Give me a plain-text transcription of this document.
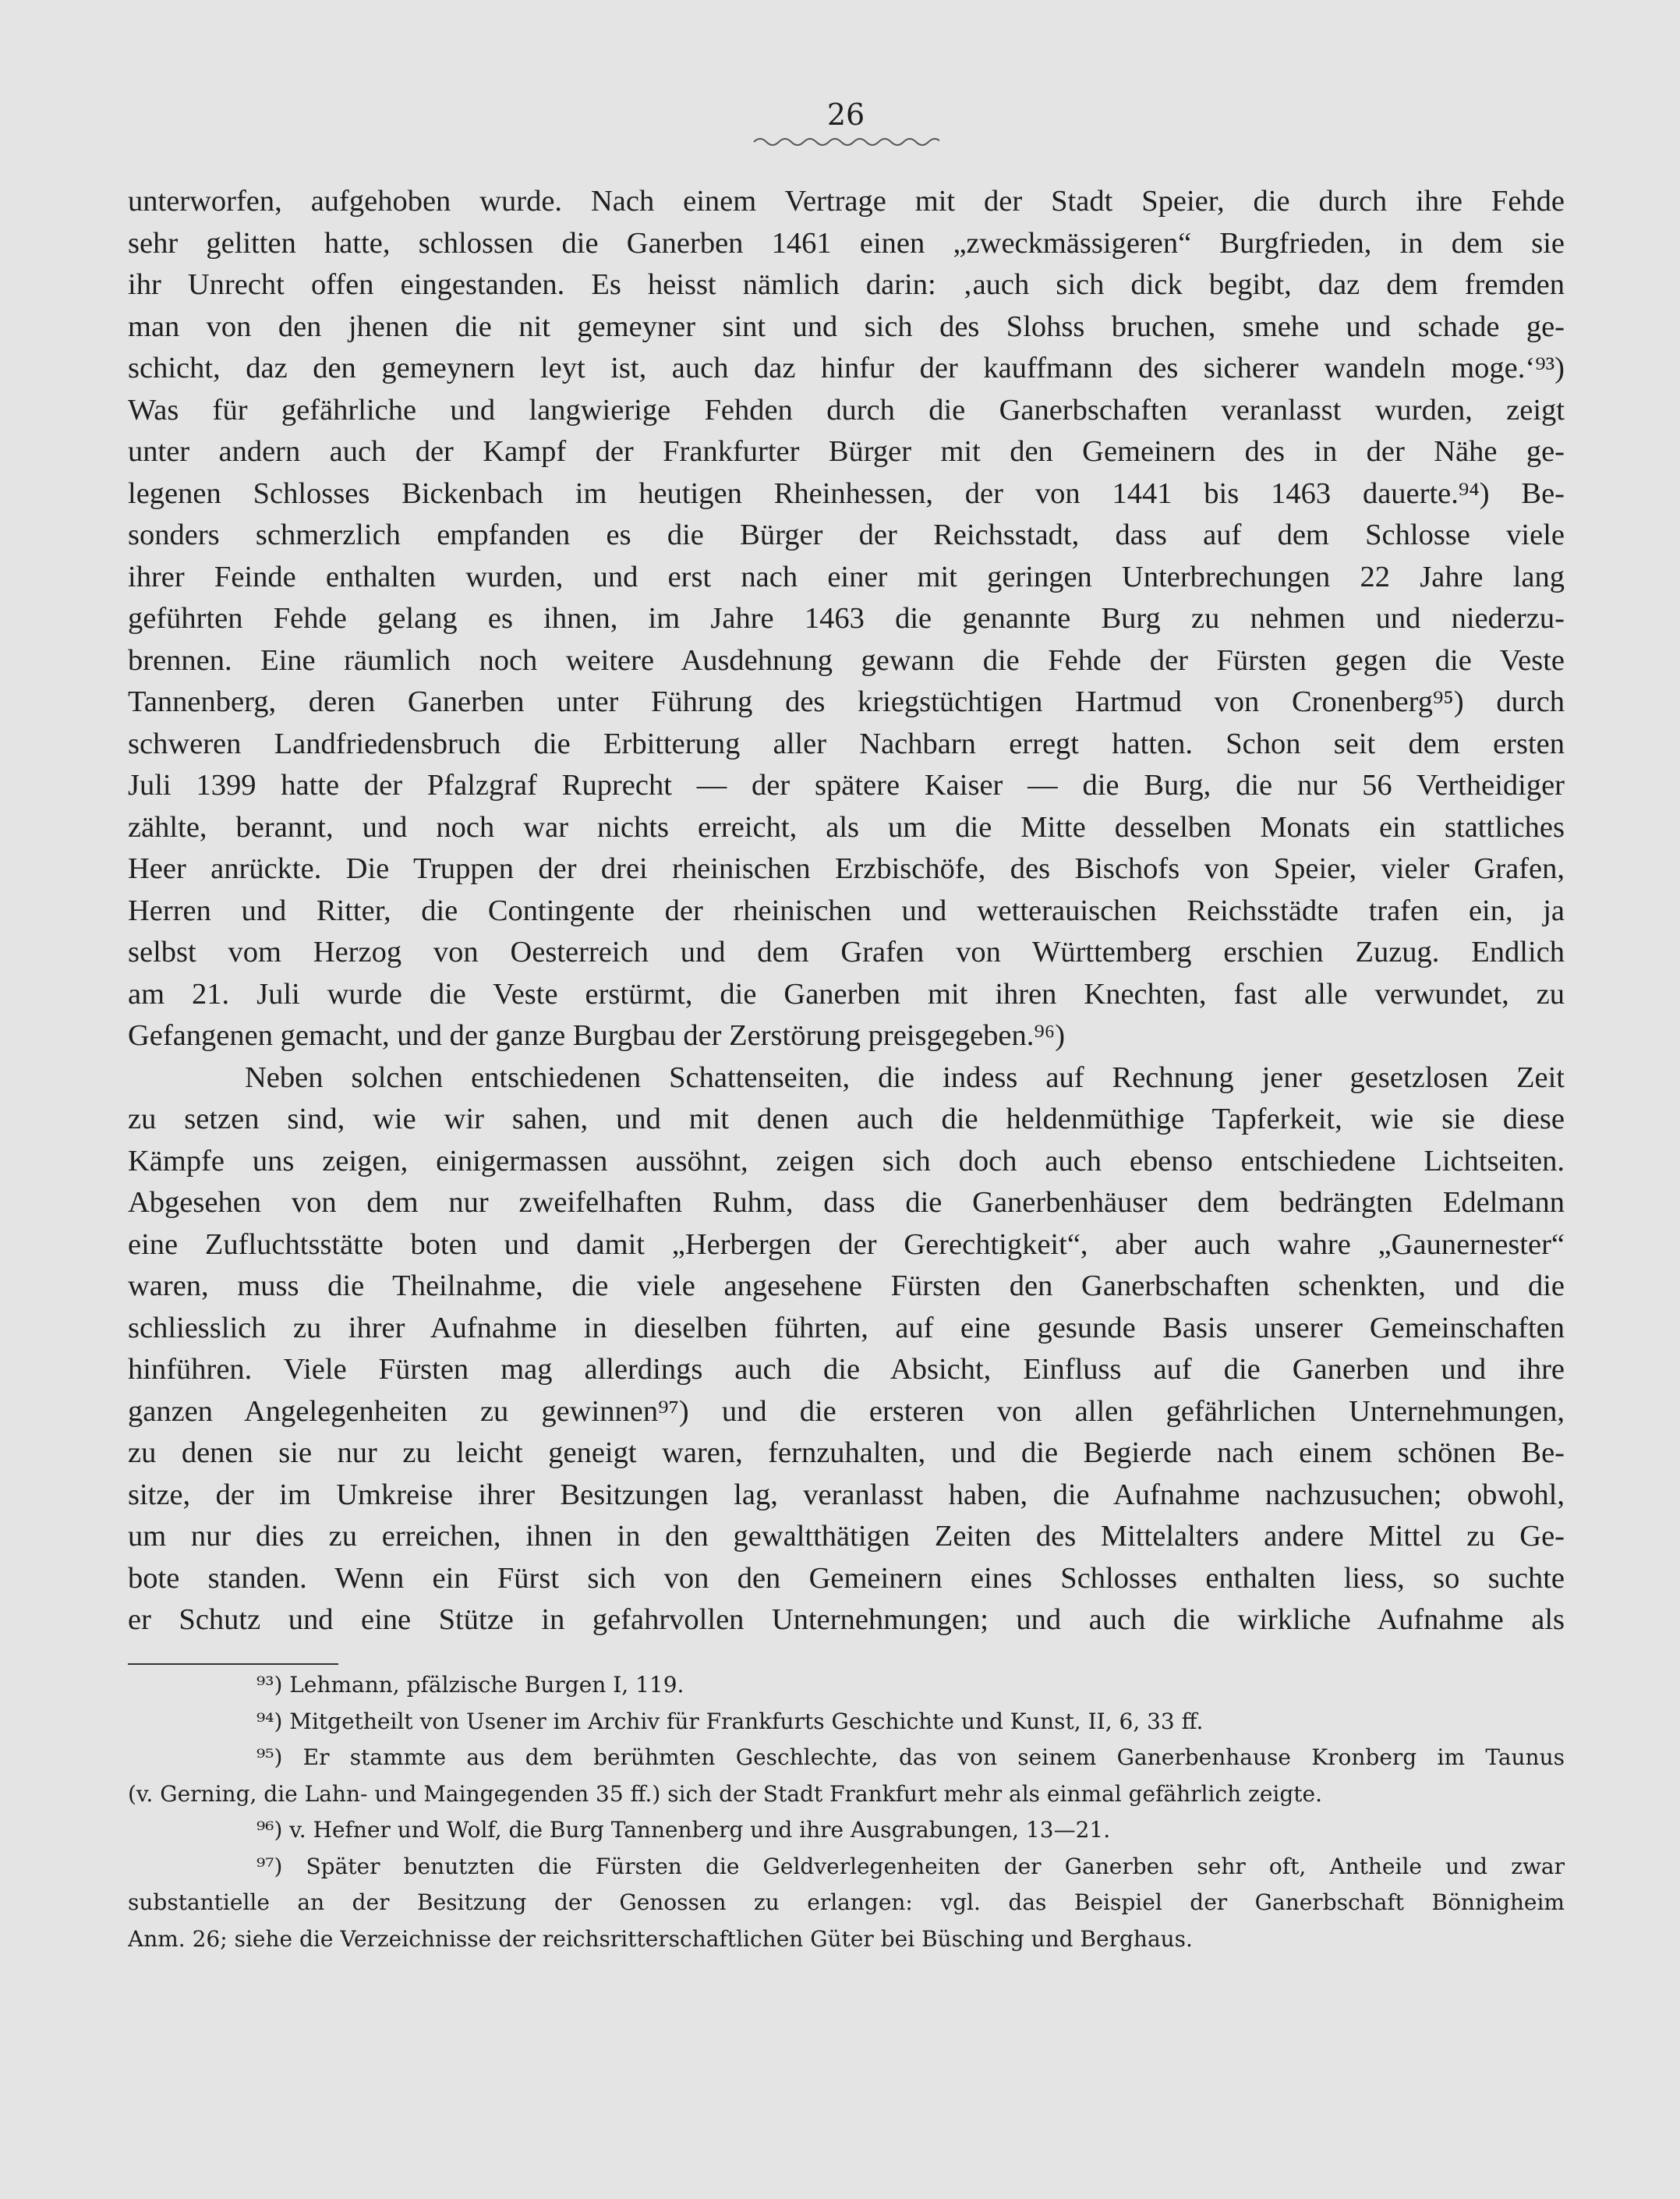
26
unterworfen, aufgehoben wurde. Nach einem Vertrage mit der Stadt Speier, die durch ihre Fehde
sehr gelitten hatte, schlossen die Ganerben 1461 einen „zweckmässigeren“ Burgfrieden, in dem sie
ihr Unrecht offen eingestanden. Es heisst nämlich darin: ‚auch sich dick begibt, daz dem fremden
man von den jhenen die nit gemeyner sint und sich des Slohss bruchen, smehe und schade ge-
schicht, daz den gemeynern leyt ist, auch daz hinfur der kauffmann des sicherer wandeln moge.‘⁹³)
Was für gefährliche und langwierige Fehden durch die Ganerbschaften veranlasst wurden, zeigt
unter andern auch der Kampf der Frankfurter Bürger mit den Gemeinern des in der Nähe ge-
legenen Schlosses Bickenbach im heutigen Rheinhessen, der von 1441 bis 1463 dauerte.⁹⁴) Be-
sonders schmerzlich empfanden es die Bürger der Reichsstadt, dass auf dem Schlosse viele
ihrer Feinde enthalten wurden, und erst nach einer mit geringen Unterbrechungen 22 Jahre lang
geführten Fehde gelang es ihnen, im Jahre 1463 die genannte Burg zu nehmen und niederzu-
brennen. Eine räumlich noch weitere Ausdehnung gewann die Fehde der Fürsten gegen die Veste
Tannenberg, deren Ganerben unter Führung des kriegstüchtigen Hartmud von Cronenberg⁹⁵) durch
schweren Landfriedensbruch die Erbitterung aller Nachbarn erregt hatten. Schon seit dem ersten
Juli 1399 hatte der Pfalzgraf Ruprecht — der spätere Kaiser — die Burg, die nur 56 Vertheidiger
zählte, berannt, und noch war nichts erreicht, als um die Mitte desselben Monats ein stattliches
Heer anrückte. Die Truppen der drei rheinischen Erzbischöfe, des Bischofs von Speier, vieler Grafen,
Herren und Ritter, die Contingente der rheinischen und wetterauischen Reichsstädte trafen ein, ja
selbst vom Herzog von Oesterreich und dem Grafen von Württemberg erschien Zuzug. Endlich
am 21. Juli wurde die Veste erstürmt, die Ganerben mit ihren Knechten, fast alle verwundet, zu
Gefangenen gemacht, und der ganze Burgbau der Zerstörung preisgegeben.⁹⁶)
Neben solchen entschiedenen Schattenseiten, die indess auf Rechnung jener gesetzlosen Zeit
zu setzen sind, wie wir sahen, und mit denen auch die heldenmüthige Tapferkeit, wie sie diese
Kämpfe uns zeigen, einigermassen aussöhnt, zeigen sich doch auch ebenso entschiedene Lichtseiten.
Abgesehen von dem nur zweifelhaften Ruhm, dass die Ganerbenhäuser dem bedrängten Edelmann
eine Zufluchtsstätte boten und damit „Herbergen der Gerechtigkeit“, aber auch wahre „Gaunernester“
waren, muss die Theilnahme, die viele angesehene Fürsten den Ganerbschaften schenkten, und die
schliesslich zu ihrer Aufnahme in dieselben führten, auf eine gesunde Basis unserer Gemeinschaften
hinführen. Viele Fürsten mag allerdings auch die Absicht, Einfluss auf die Ganerben und ihre
ganzen Angelegenheiten zu gewinnen⁹⁷) und die ersteren von allen gefährlichen Unternehmungen,
zu denen sie nur zu leicht geneigt waren, fernzuhalten, und die Begierde nach einem schönen Be-
sitze, der im Umkreise ihrer Besitzungen lag, veranlasst haben, die Aufnahme nachzusuchen; obwohl,
um nur dies zu erreichen, ihnen in den gewaltthätigen Zeiten des Mittelalters andere Mittel zu Ge-
bote standen. Wenn ein Fürst sich von den Gemeinern eines Schlosses enthalten liess, so suchte
er Schutz und eine Stütze in gefahrvollen Unternehmungen; und auch die wirkliche Aufnahme als
⁹³) Lehmann, pfälzische Burgen I, 119.
⁹⁴) Mitgetheilt von Usener im Archiv für Frankfurts Geschichte und Kunst, II, 6, 33 ff.
⁹⁵) Er stammte aus dem berühmten Geschlechte, das von seinem Ganerbenhause Kronberg im Taunus
(v. Gerning, die Lahn- und Maingegenden 35 ff.) sich der Stadt Frankfurt mehr als einmal gefährlich zeigte.
⁹⁶) v. Hefner und Wolf, die Burg Tannenberg und ihre Ausgrabungen, 13—21.
⁹⁷) Später benutzten die Fürsten die Geldverlegenheiten der Ganerben sehr oft, Antheile und zwar
substantielle an der Besitzung der Genossen zu erlangen: vgl. das Beispiel der Ganerbschaft Bönnigheim
Anm. 26; siehe die Verzeichnisse der reichsritterschaftlichen Güter bei Büsching und Berghaus.
